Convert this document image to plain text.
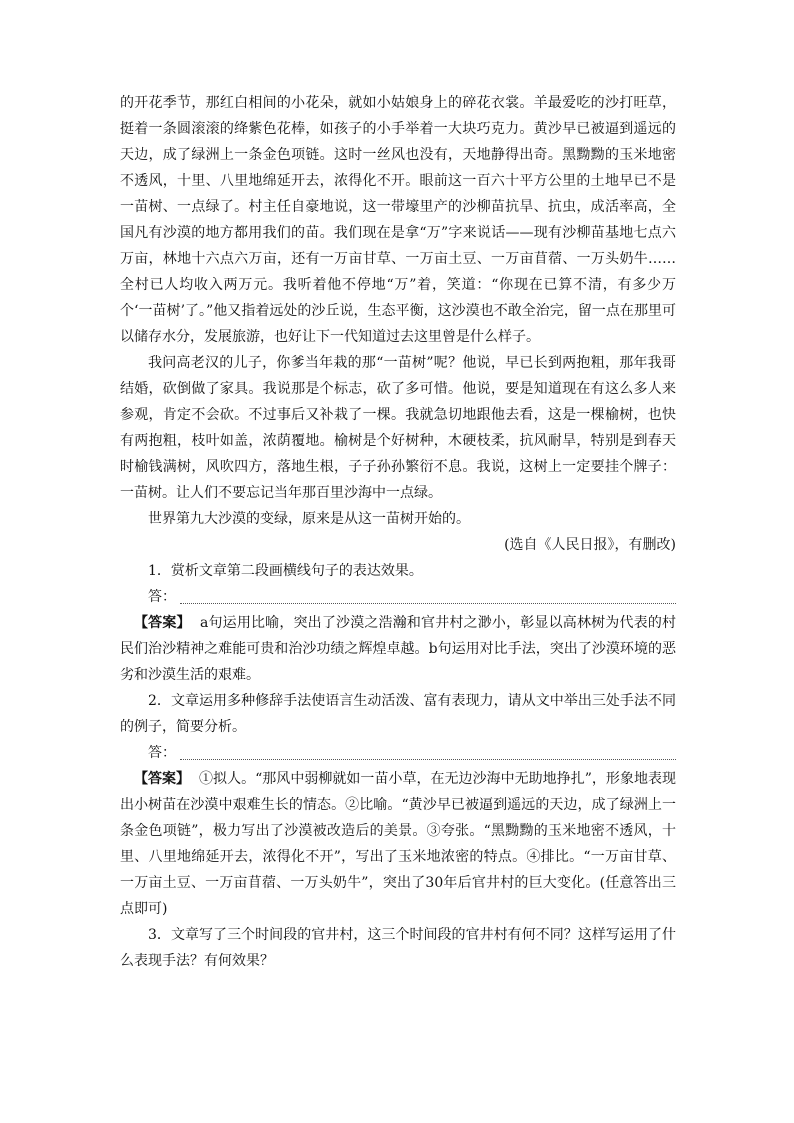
的开花季节，那红白相间的小花朵，就如小姑娘身上的碎花衣裳。羊最爱吃的沙打旺草，挺着一条圆滚滚的绛紫色花棒，如孩子的小手举着一大块巧克力。黄沙早已被逼到遥远的天边，成了绿洲上一条金色项链。这时一丝风也没有，天地静得出奇。黑黝黝的玉米地密不透风，十里、八里地绵延开去，浓得化不开。眼前这一百六十平方公里的土地早已不是一苗树、一点绿了。村主任自豪地说，这一带壕里产的沙柳苗抗旱、抗虫，成活率高，全国凡有沙漠的地方都用我们的苗。我们现在是拿“万”字来说话——现有沙柳苗基地七点六万亩，林地十六点六万亩，还有一万亩甘草、一万亩土豆、一万亩苜蓿、一万头奶牛……全村已人均收入两万元。我听着他不停地“万”着，笑道：“你现在已算不清，有多少万个‘一苗树’了。”他又指着远处的沙丘说，生态平衡，这沙漠也不敢全治完，留一点在那里可以储存水分，发展旅游，也好让下一代知道过去这里曾是什么样子。

我问高老汉的儿子，你爹当年栽的那“一苗树”呢？他说，早已长到两抱粗，那年我哥结婚，砍倒做了家具。我说那是个标志，砍了多可惜。他说，要是知道现在有这么多人来参观，肯定不会砍。不过事后又补栽了一棵。我就急切地跟他去看，这是一棵榆树，也快有两抱粗，枝叶如盖，浓荫覆地。榆树是个好树种，木硬枝柔，抗风耐旱，特别是到春天时榆钱满树，风吹四方，落地生根，子子孙孙繁衍不息。我说，这树上一定要挂个牌子：一苗树。让人们不要忘记当年那百里沙海中一点绿。

世界第九大沙漠的变绿，原来是从这一苗树开始的。

(选自《人民日报》，有删改)

1．赏析文章第二段画横线句子的表达效果。

答：

【答案】 a句运用比喻，突出了沙漠之浩瀚和官井村之渺小，彰显以高林树为代表的村民们治沙精神之难能可贵和治沙功绩之辉煌卓越。b句运用对比手法，突出了沙漠环境的恶劣和沙漠生活的艰难。

2．文章运用多种修辞手法使语言生动活泼、富有表现力，请从文中举出三处手法不同的例子，简要分析。

答：

【答案】 ①拟人。“那风中弱柳就如一苗小草，在无边沙海中无助地挣扎”，形象地表现出小树苗在沙漠中艰难生长的情态。②比喻。“黄沙早已被逼到遥远的天边，成了绿洲上一条金色项链”，极力写出了沙漠被改造后的美景。③夸张。“黑黝黝的玉米地密不透风，十里、八里地绵延开去，浓得化不开”，写出了玉米地浓密的特点。④排比。“一万亩甘草、一万亩土豆、一万亩苜蓿、一万头奶牛”，突出了30年后官井村的巨大变化。(任意答出三点即可)

3．文章写了三个时间段的官井村，这三个时间段的官井村有何不同？这样写运用了什么表现手法？有何效果？
